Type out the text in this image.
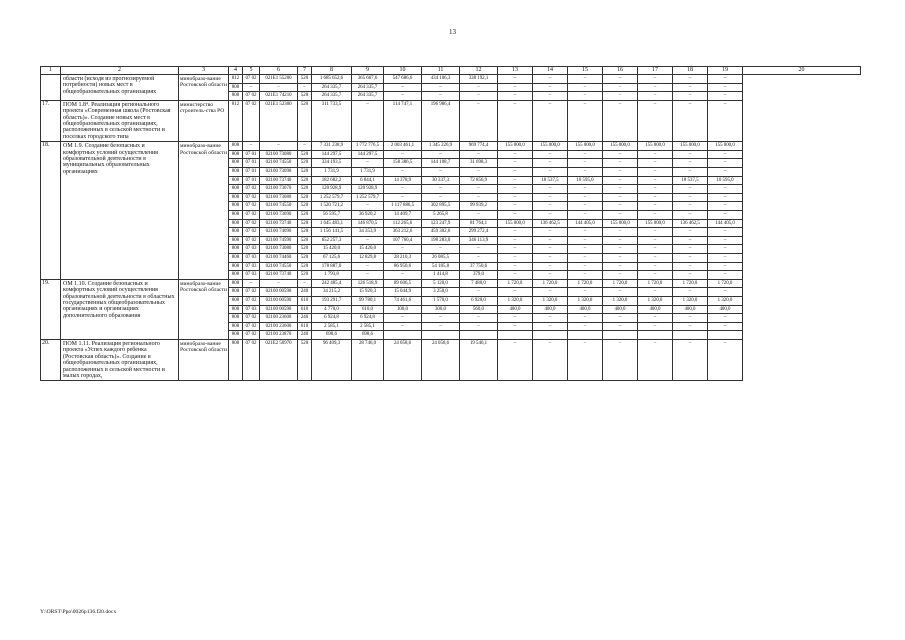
13
1	2	3	4	5	6	7	8	9	10	11	12	13	14	15	16	17	18	19	20
	области (исходя из прогнозируемой потребности) новых мест в общеобразовательных организациях	минобразо-вание Ростовской области	812	07 02	021E1 55200	520	1 685 652,6	365 667,6	547 686,6	434 106,3	338 192,1	–	–	–	–	–	–	–	
			808	–	–	–	264 335,7	264 335,7	–	–	–	–	–	–	–	–	–	–	
			808	07 02	021E1 74210	520	264 335,7	264 335,7	–	–	–	–	–	–	–	–	–	–	
17.	ПОМ 1.8⁴. Реализация регионального проекта «Современная школа (Ростовская область)». Создание новых мест в общеобразовательных организациях, расположенных в сельской местности и поселках городского типа	министерство строитель-ства РО	812	07 02	021E1 52300	520	311 733,5	–	114 747,1	196 986,4	–	–	–	–	–	–	–	–	
18.	ОМ 1.9. Создание безопасных и комфортных условий осуществления образовательной деятельности в муниципальных образовательных организациях	минобразо-вание Ростовской области	808	–	–	–	7 331 238,9	1 772 776,5	2 003 461,1	1 345 226,9	969 774,4	155 000,0	155 000,0	155 000,0	155 000,0	155 000,0	155 000,0	155 000,0	
			808	07 01	02100 73080	520	144 297,5	144 297,5	–	–	–	–	–	–	–	–	–	–	
			808	07 01	02100 74550	520	334 193,5	–	158 386,5	144 108,7	31 698,3	–	–	–	–	–	–	–	
			808	07 01	02100 73090	520	1 731,9	1 731,9	–	–	–	–	–	–	–	–	–	–	
			808	07 01	02100 73740	520	182 682,2	6 844,1	14 378,9	30 337,3	72 856,9	–	18 537,5	10 595,0	–	–	18 537,5	10 595,0	
			808	07 02	02100 73070	520	120 928,9	120 928,9	–	–	–	–	–	–	–	–	–	–	
			808	07 02	02100 73080	520	1 252 579,7	1 252 579,7	–	–	–	–	–	–	–	–	–	–	
			808	07 02	02100 74550	520	1 520 721,2	–	1 117 886,5	302 895,5	99 939,2	–	–	–	–	–	–	–	
			808	07 02	02100 73090	520	56 595,7	36 920,2	14 409,7	5 265,8	–	–	–	–	–	–	–	–	
			808	07 02	02100 73740	520	1 645 483,1	146 870,5	112 265,6	123 247,9	81 764,1	155 000,0	136 462,5	144 405,0	155 000,0	155 000,0	136 462,5	144 405,0	
			808	07 02	02100 74090	520	1 156 141,5	34 353,9	363 212,6	459 302,6	299 272,4	–	–	–	–	–	–	–	
			808	07 02	02100 74590	520	652 257,3	–	107 760,4	198 283,0	346 113,9	–	–	–	–	–	–	–	
			808	07 03	02100 73080	520	15 420,0	15 420,0	–	–	–	–	–	–	–	–	–	–	
			808	07 03	02100 74460	520	67 125,6	12 829,8	28 210,3	26 085,5	–	–	–	–	–	–	–	–	
			808	07 03	02100 74550	520	178 887,0	–	86 950,6	54 185,8	37 750,6	–	–	–	–	–	–	–	
			808	07 03	02100 73740	520	1 793,8	–	–	1 414,8	379,0	–	–	–	–	–	–	–	
19.	ОМ 1.10. Создание безопасных и комфортных условий осуществления образовательной деятельности в областных государственных общеобразовательных организациях и организациях дополнительного образования	минобразо-вание Ростовской области	808	–	–	–	242 485,4	126 518,9	89 606,5	5 120,0	7 480,0	1 720,0	1 720,0	1 720,0	1 720,0	1 720,0	1 720,0	1 720,0	
			808	07 02	02100 00590	240	34 215,2	15 920,3	15 044,9	3 250,0	–	–	–	–	–	–	–	–	
			808	07 02	02100 00590	610	193 291,7	99 780,1	74 461,6	1 570,0	6 920,0	1 320,0	1 320,0	1 320,0	1 320,0	1 320,0	1 320,0	1 320,0	
			808	07 03	02100 00590	610	4 770,0	610,0	100,0	300,0	560,0	400,0	400,0	400,0	400,0	400,0	400,0	400,0	
			808	07 02	02100 23600	240	6 924,8	6 924,8	–	–	–	–	–	–	–	–	–	–	
			808	07 02	02100 23600	610	2 585,1	2 585,1	–	–	–	–	–	–	–	–	–	–	
			808	07 02	02100 23870	240	698,6	698,6											
20.	ПОМ 1.11. Реализация регионального проекта «Успех каждого ребенка (Ростовская область)». Создание в общеобразовательных организациях, расположенных в сельской местности и малых городах,	минобразо-вание Ростовской области	808	07 02	021E2 50970	520	96 409,3	28 746,0	24 058,6	24 058,6	19 546,1	–	–	–	–	–	–	–	
Y:\ORST\Ppo\0026p136.f20.docx
